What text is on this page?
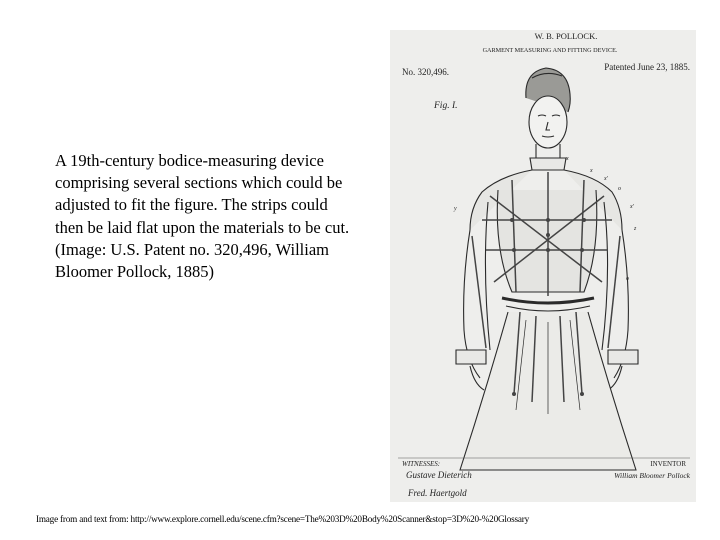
A 19th-century bodice-measuring device comprising several sections which could be adjusted to fit the figure. The strips could then be laid flat upon the materials to be cut. (Image: U.S. Patent no. 320,496, William Bloomer Pollock, 1885)
W. B. POLLOCK.
GARMENT MEASURING AND FITTING DEVICE.
No. 320,496.	Patented June 23, 1885.
Fig. I.
x
x
x'
o
x'
z
o
y
WITNESSES:
Gustave Dieterich
Fred. Haertgold
INVENTOR
William Bloomer Pollock
Image from and text from: http://www.explore.cornell.edu/scene.cfm?scene=The%203D%20Body%20Scanner&stop=3D%20-%20Glossary
